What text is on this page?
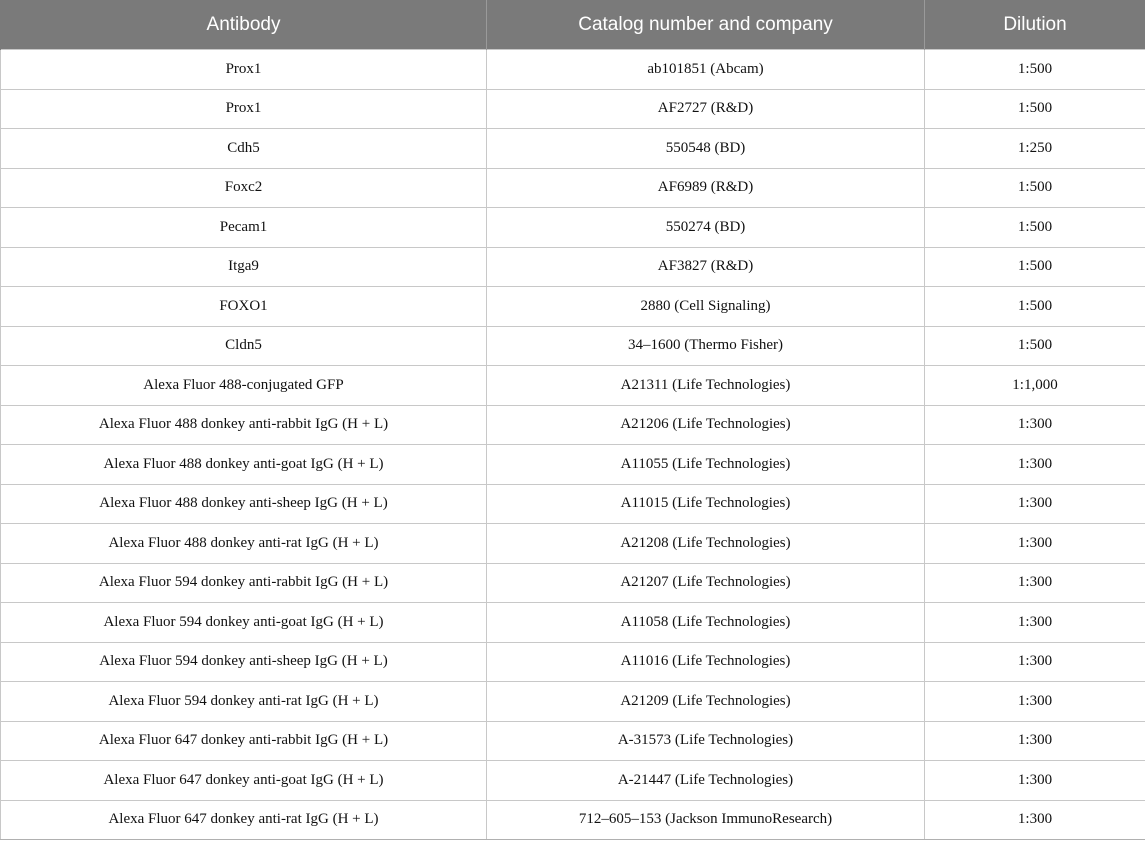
Antibody	Catalog number and company	Dilution
Prox1	ab101851 (Abcam)	1:500
Prox1	AF2727 (R&D)	1:500
Cdh5	550548 (BD)	1:250
Foxc2	AF6989 (R&D)	1:500
Pecam1	550274 (BD)	1:500
Itga9	AF3827 (R&D)	1:500
FOXO1	2880 (Cell Signaling)	1:500
Cldn5	34–1600 (Thermo Fisher)	1:500
Alexa Fluor 488-conjugated GFP	A21311 (Life Technologies)	1:1,000
Alexa Fluor 488 donkey anti-rabbit IgG (H + L)	A21206 (Life Technologies)	1:300
Alexa Fluor 488 donkey anti-goat IgG (H + L)	A11055 (Life Technologies)	1:300
Alexa Fluor 488 donkey anti-sheep IgG (H + L)	A11015 (Life Technologies)	1:300
Alexa Fluor 488 donkey anti-rat IgG (H + L)	A21208 (Life Technologies)	1:300
Alexa Fluor 594 donkey anti-rabbit IgG (H + L)	A21207 (Life Technologies)	1:300
Alexa Fluor 594 donkey anti-goat IgG (H + L)	A11058 (Life Technologies)	1:300
Alexa Fluor 594 donkey anti-sheep IgG (H + L)	A11016 (Life Technologies)	1:300
Alexa Fluor 594 donkey anti-rat IgG (H + L)	A21209 (Life Technologies)	1:300
Alexa Fluor 647 donkey anti-rabbit IgG (H + L)	A-31573 (Life Technologies)	1:300
Alexa Fluor 647 donkey anti-goat IgG (H + L)	A-21447 (Life Technologies)	1:300
Alexa Fluor 647 donkey anti-rat IgG (H + L)	712–605–153 (Jackson ImmunoResearch)	1:300
